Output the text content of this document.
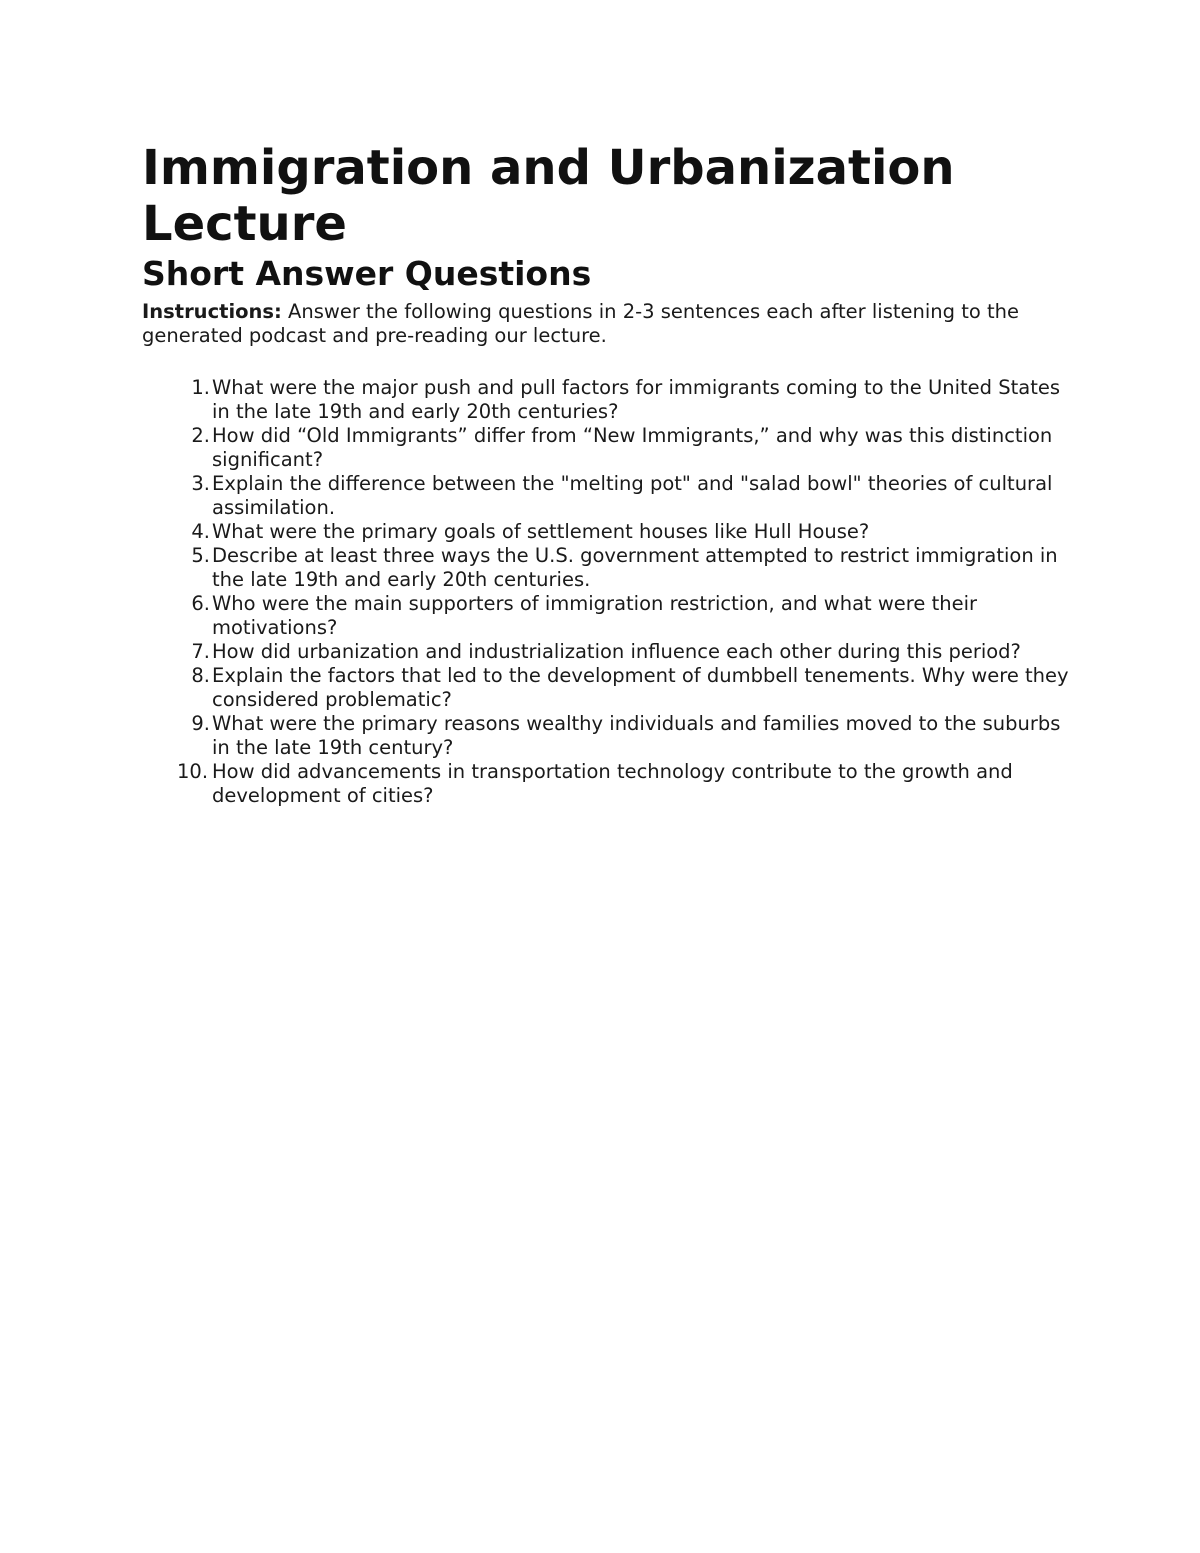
Immigration and Urbanization Lecture
Short Answer Questions

Instructions: Answer the following questions in 2-3 sentences each after listening to the generated podcast and pre-reading our lecture.

1. What were the major push and pull factors for immigrants coming to the United States in the late 19th and early 20th centuries?
2. How did “Old Immigrants” differ from “New Immigrants,” and why was this distinction significant?
3. Explain the difference between the "melting pot" and "salad bowl" theories of cultural assimilation.
4. What were the primary goals of settlement houses like Hull House?
5. Describe at least three ways the U.S. government attempted to restrict immigration in the late 19th and early 20th centuries.
6. Who were the main supporters of immigration restriction, and what were their motivations?
7. How did urbanization and industrialization influence each other during this period?
8. Explain the factors that led to the development of dumbbell tenements. Why were they considered problematic?
9. What were the primary reasons wealthy individuals and families moved to the suburbs in the late 19th century?
10. How did advancements in transportation technology contribute to the growth and development of cities?
